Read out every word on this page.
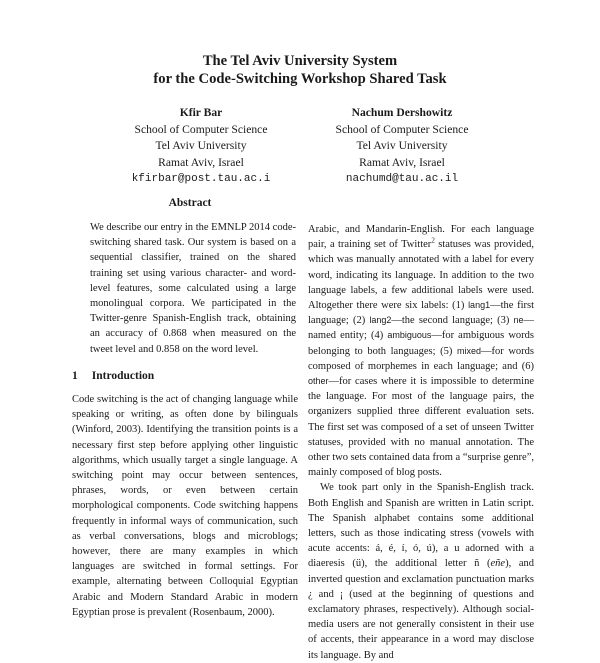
The Tel Aviv University System
for the Code-Switching Workshop Shared Task
Kfir Bar
School of Computer Science
Tel Aviv University
Ramat Aviv, Israel
kfirbar@post.tau.ac.i
Nachum Dershowitz
School of Computer Science
Tel Aviv University
Ramat Aviv, Israel
nachumd@tau.ac.il
Abstract
We describe our entry in the EMNLP 2014 code-switching shared task. Our system is based on a sequential classifier, trained on the shared training set using various character- and word-level features, some calculated using a large monolingual corpora. We participated in the Twitter-genre Spanish-English track, obtaining an accuracy of 0.868 when measured on the tweet level and 0.858 on the word level.
1 Introduction
Code switching is the act of changing language while speaking or writing, as often done by bilinguals (Winford, 2003). Identifying the transition points is a necessary first step before applying other linguistic algorithms, which usually target a single language. A switching point may occur between sentences, phrases, words, or even between certain morphological components. Code switching happens frequently in informal ways of communication, such as verbal conversations, blogs and microblogs; however, there are many examples in which languages are switched in formal settings. For example, alternating between Colloquial Egyptian Arabic and Modern Standard Arabic in modern Egyptian prose is prevalent (Rosenbaum, 2000).

Arabic, and Mandarin-English. For each language pair, a training set of Twitter$^2$ statuses was provided, which was manually annotated with a label for every word, indicating its language. In addition to the two language labels, a few additional labels were used. Altogether there were six labels: (1) lang1—the first language; (2) lang2—the second language; (3) ne—named entity; (4) ambiguous—for ambiguous words belonging to both languages; (5) mixed—for words composed of morphemes in each language; and (6) other—for cases where it is impossible to determine the language. For most of the language pairs, the organizers supplied three different evaluation sets. The first set was composed of a set of unseen Twitter statuses, provided with no manual annotation. The other two sets contained data from a “surprise genre”, mainly composed of blog posts.

We took part only in the Spanish-English track. Both English and Spanish are written in Latin script. The Spanish alphabet contains some additional letters, such as those indicating stress (vowels with acute accents: á, é, í, ó, ú), a u adorned with a diaeresis (ü), the additional letter ñ (eñe), and inverted question and exclamation punctuation marks ¿ and ¡ (used at the beginning of questions and exclamatory phrases, respectively). Although social-media users are not generally consistent in their use of accents, their appearance in a word may disclose its language. By and
